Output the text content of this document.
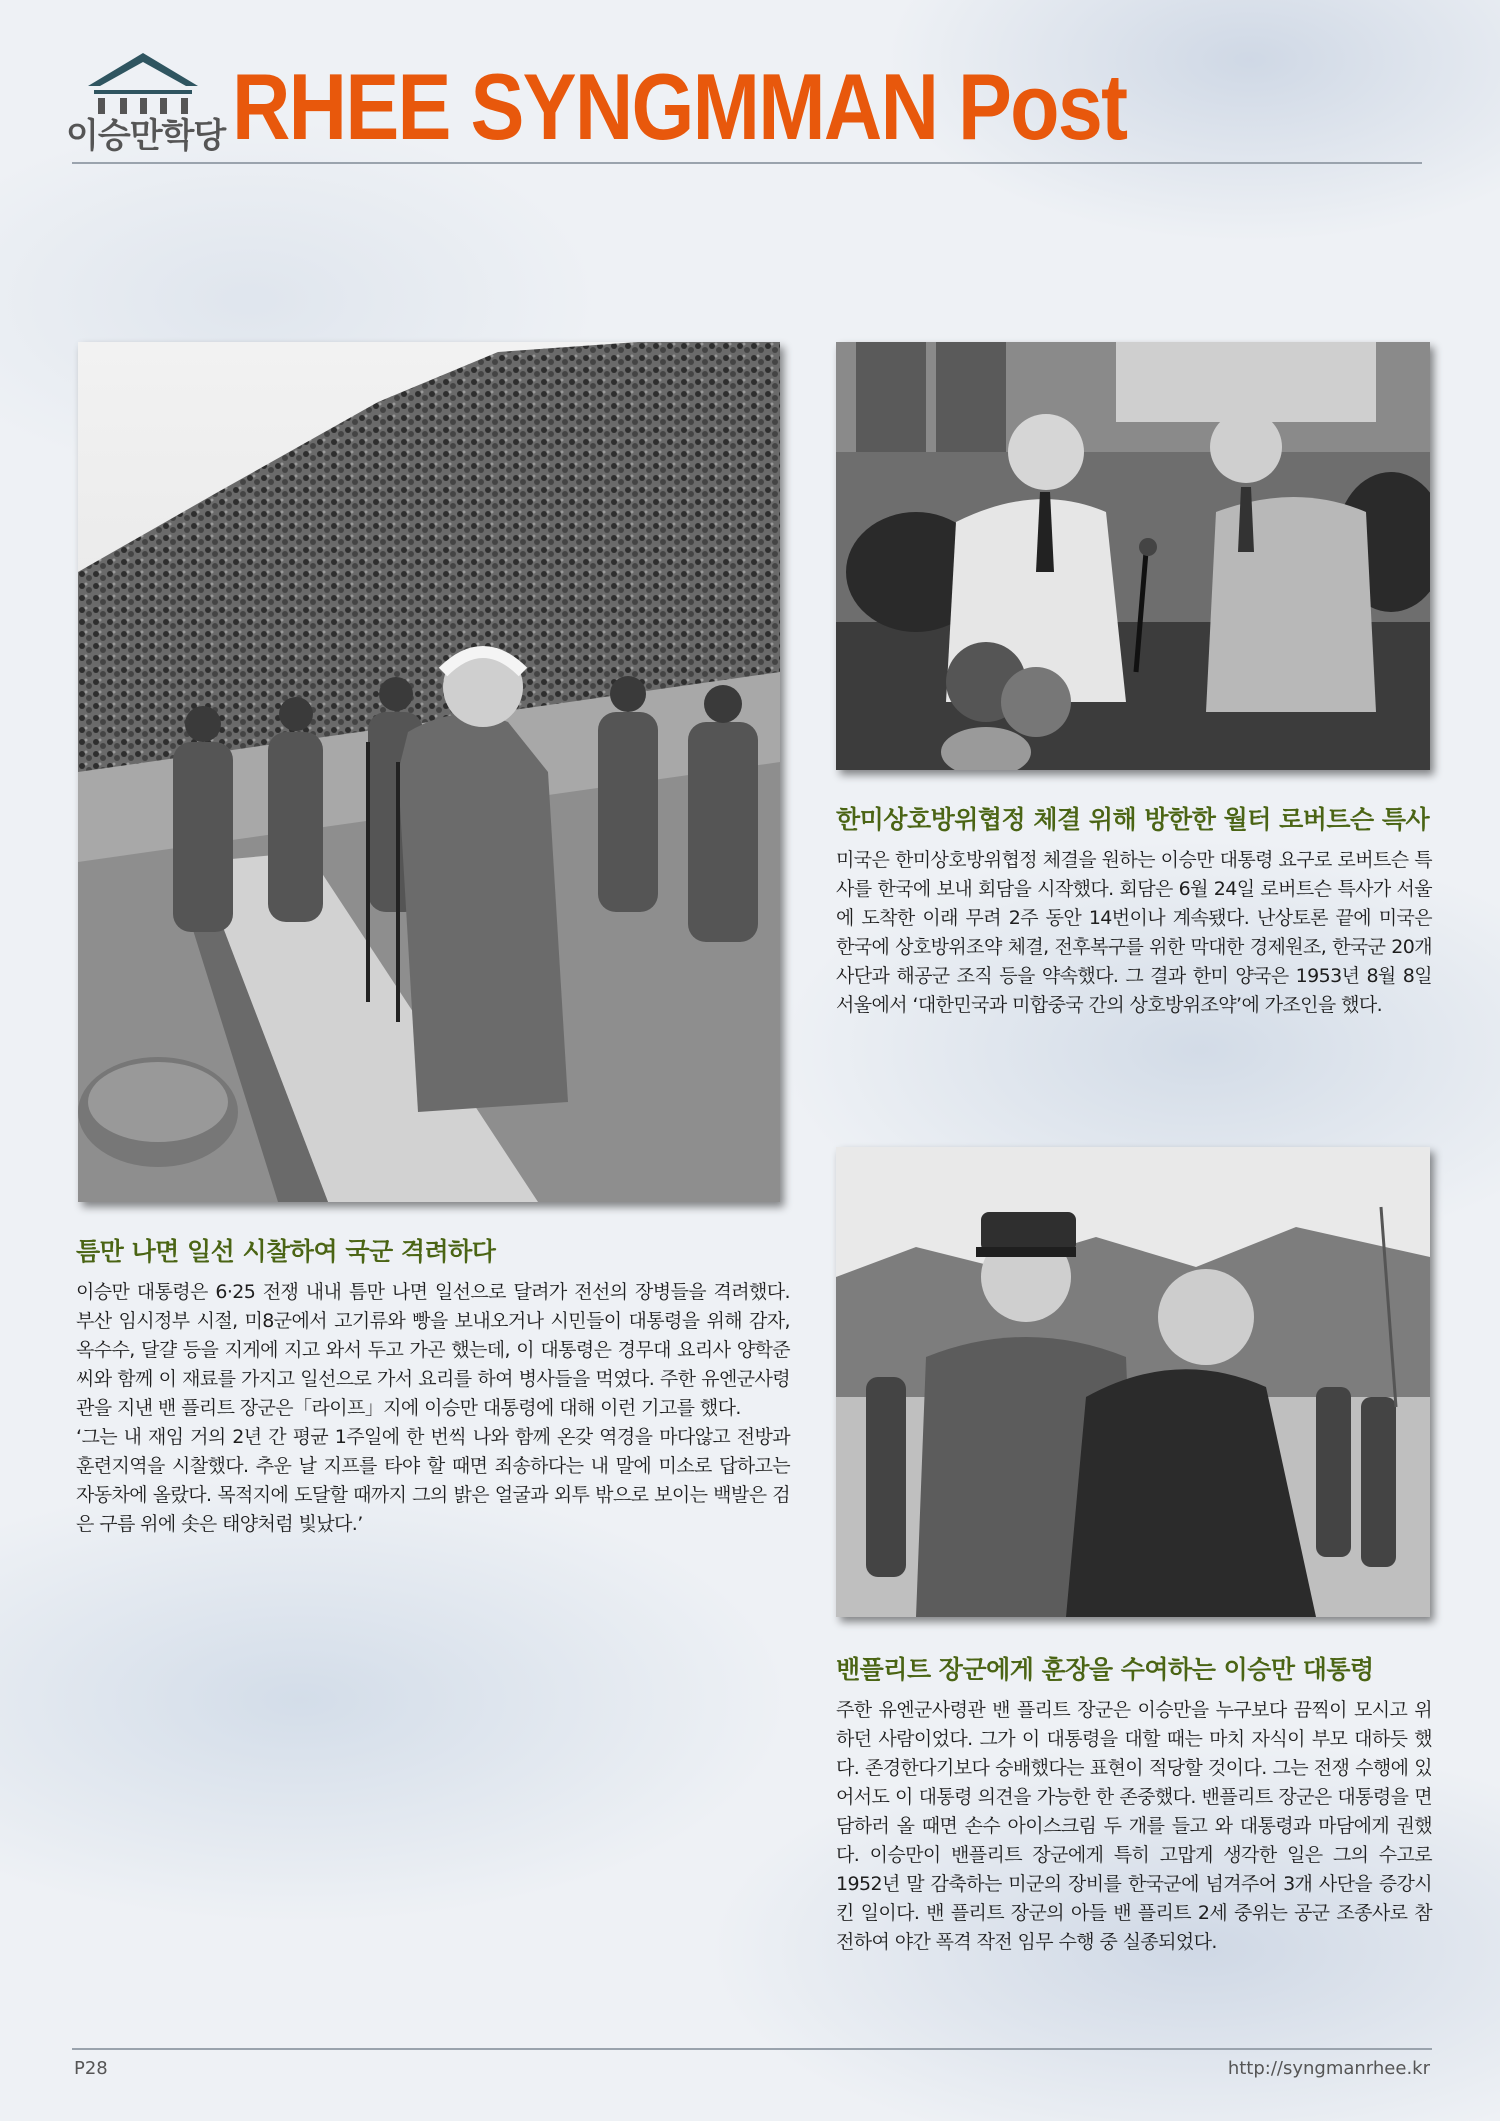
이승만학당 RHEE SYNGMMAN Post
틈만 나면 일선 시찰하여 국군 격려하다

이승만 대통령은 6·25 전쟁 내내 틈만 나면 일선으로 달려가 전선의 장병들을 격려했다. 부산 임시정부 시절, 미8군에서 고기류와 빵을 보내오거나 시민들이 대통령을 위해 감자, 옥수수, 달걀 등을 지게에 지고 와서 두고 가곤 했는데, 이 대통령은 경무대 요리사 양학준 씨와 함께 이 재료를 가지고 일선으로 가서 요리를 하여 병사들을 먹였다. 주한 유엔군사령관을 지낸 밴 플리트 장군은「라이프」지에 이승만 대통령에 대해 이런 기고를 했다.

‘그는 내 재임 거의 2년 간 평균 1주일에 한 번씩 나와 함께 온갖 역경을 마다않고 전방과 훈련지역을 시찰했다. 추운 날 지프를 타야 할 때면 죄송하다는 내 말에 미소로 답하고는 자동차에 올랐다. 목적지에 도달할 때까지 그의 밝은 얼굴과 외투 밖으로 보이는 백발은 검은 구름 위에 솟은 태양처럼 빛났다.’

한미상호방위협정 체결 위해 방한한 월터 로버트슨 특사

미국은 한미상호방위협정 체결을 원하는 이승만 대통령 요구로 로버트슨 특사를 한국에 보내 회담을 시작했다. 회담은 6월 24일 로버트슨 특사가 서울에 도착한 이래 무려 2주 동안 14번이나 계속됐다. 난상토론 끝에 미국은 한국에 상호방위조약 체결, 전후복구를 위한 막대한 경제원조, 한국군 20개 사단과 해공군 조직 등을 약속했다. 그 결과 한미 양국은 1953년 8월 8일 서울에서 ‘대한민국과 미합중국 간의 상호방위조약’에 가조인을 했다.

밴플리트 장군에게 훈장을 수여하는 이승만 대통령

주한 유엔군사령관 밴 플리트 장군은 이승만을 누구보다 끔찍이 모시고 위하던 사람이었다. 그가 이 대통령을 대할 때는 마치 자식이 부모 대하듯 했다. 존경한다기보다 숭배했다는 표현이 적당할 것이다. 그는 전쟁 수행에 있어서도 이 대통령 의견을 가능한 한 존중했다. 밴플리트 장군은 대통령을 면담하러 올 때면 손수 아이스크림 두 개를 들고 와 대통령과 마담에게 권했다. 이승만이 밴플리트 장군에게 특히 고맙게 생각한 일은 그의 수고로 1952년 말 감축하는 미군의 장비를 한국군에 넘겨주어 3개 사단을 증강시킨 일이다. 밴 플리트 장군의 아들 밴 플리트 2세 중위는 공군 조종사로 참전하여 야간 폭격 작전 임무 수행 중 실종되었다.

P28	http://syngmanrhee.kr
